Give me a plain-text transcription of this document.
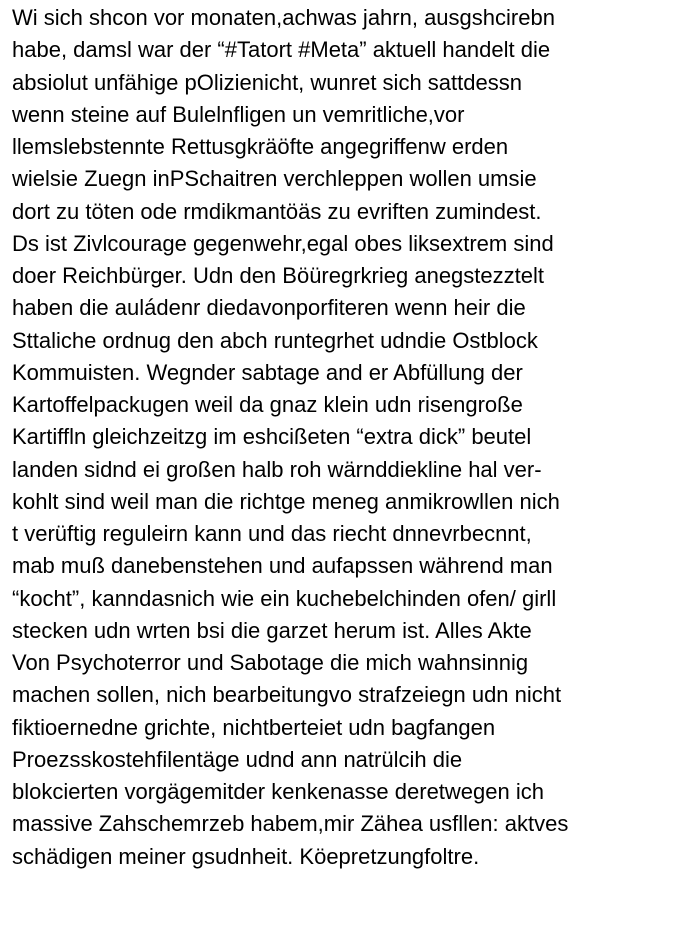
Wi sich shcon vor monaten,achwas jahrn, ausgshcirebn
habe, damsl war der “#Tatort #Meta” aktuell handelt die
absiolut unfähige pOlizienicht, wunret sich sattdessn
wenn steine auf Bulelnfligen un vemritliche,vor
llemslebstennte Rettusgkräöfte angegriffenw erden
wielsie Zuegn inPSchaitren verchleppen wollen umsie
dort zu töten ode rmdikmantöäs zu evriften zumindest.
Ds ist Zivlcourage gegenwehr,egal obes liksextrem sind
doer Reichbürger. Udn den Böüregrkrieg anegstezztelt
haben die auládenr diedavonporfiteren wenn heir die
Sttaliche ordnug den abch runtegrhet udndie Ostblock
Kommuisten. Wegnder sabtage and er Abfüllung der
Kartoffelpackugen weil da gnaz klein udn risengroße
Kartiffln gleichzeitzg im eshcißeten “extra dick” beutel
landen sidnd ei großen halb roh wärnddiekline hal ver-
kohlt sind weil man die richtge meneg anmikrowllen nich
t verüftig reguleirn kann und das riecht dnnevrbecnnt,
mab muß danebenstehen und aufapssen während man
“kocht”, kanndasnich wie ein kuchebelchinden ofen/ girll
stecken udn wrten bsi die garzet herum ist. Alles Akte
Von Psychoterror und Sabotage die mich wahnsinnig
machen sollen, nich bearbeitungvo strafzeiegn udn nicht
fiktioernedne grichte, nichtberteiet udn bagfangen
Proezsskostehfilentäge udnd ann natrülcih die
blokcierten vorgägemitder kenkenasse deretwegen ich
massive Zahschemrzeb habem,mir Zähea usfllen: aktves
schädigen meiner gsudnheit. Köepretzungfoltre.
